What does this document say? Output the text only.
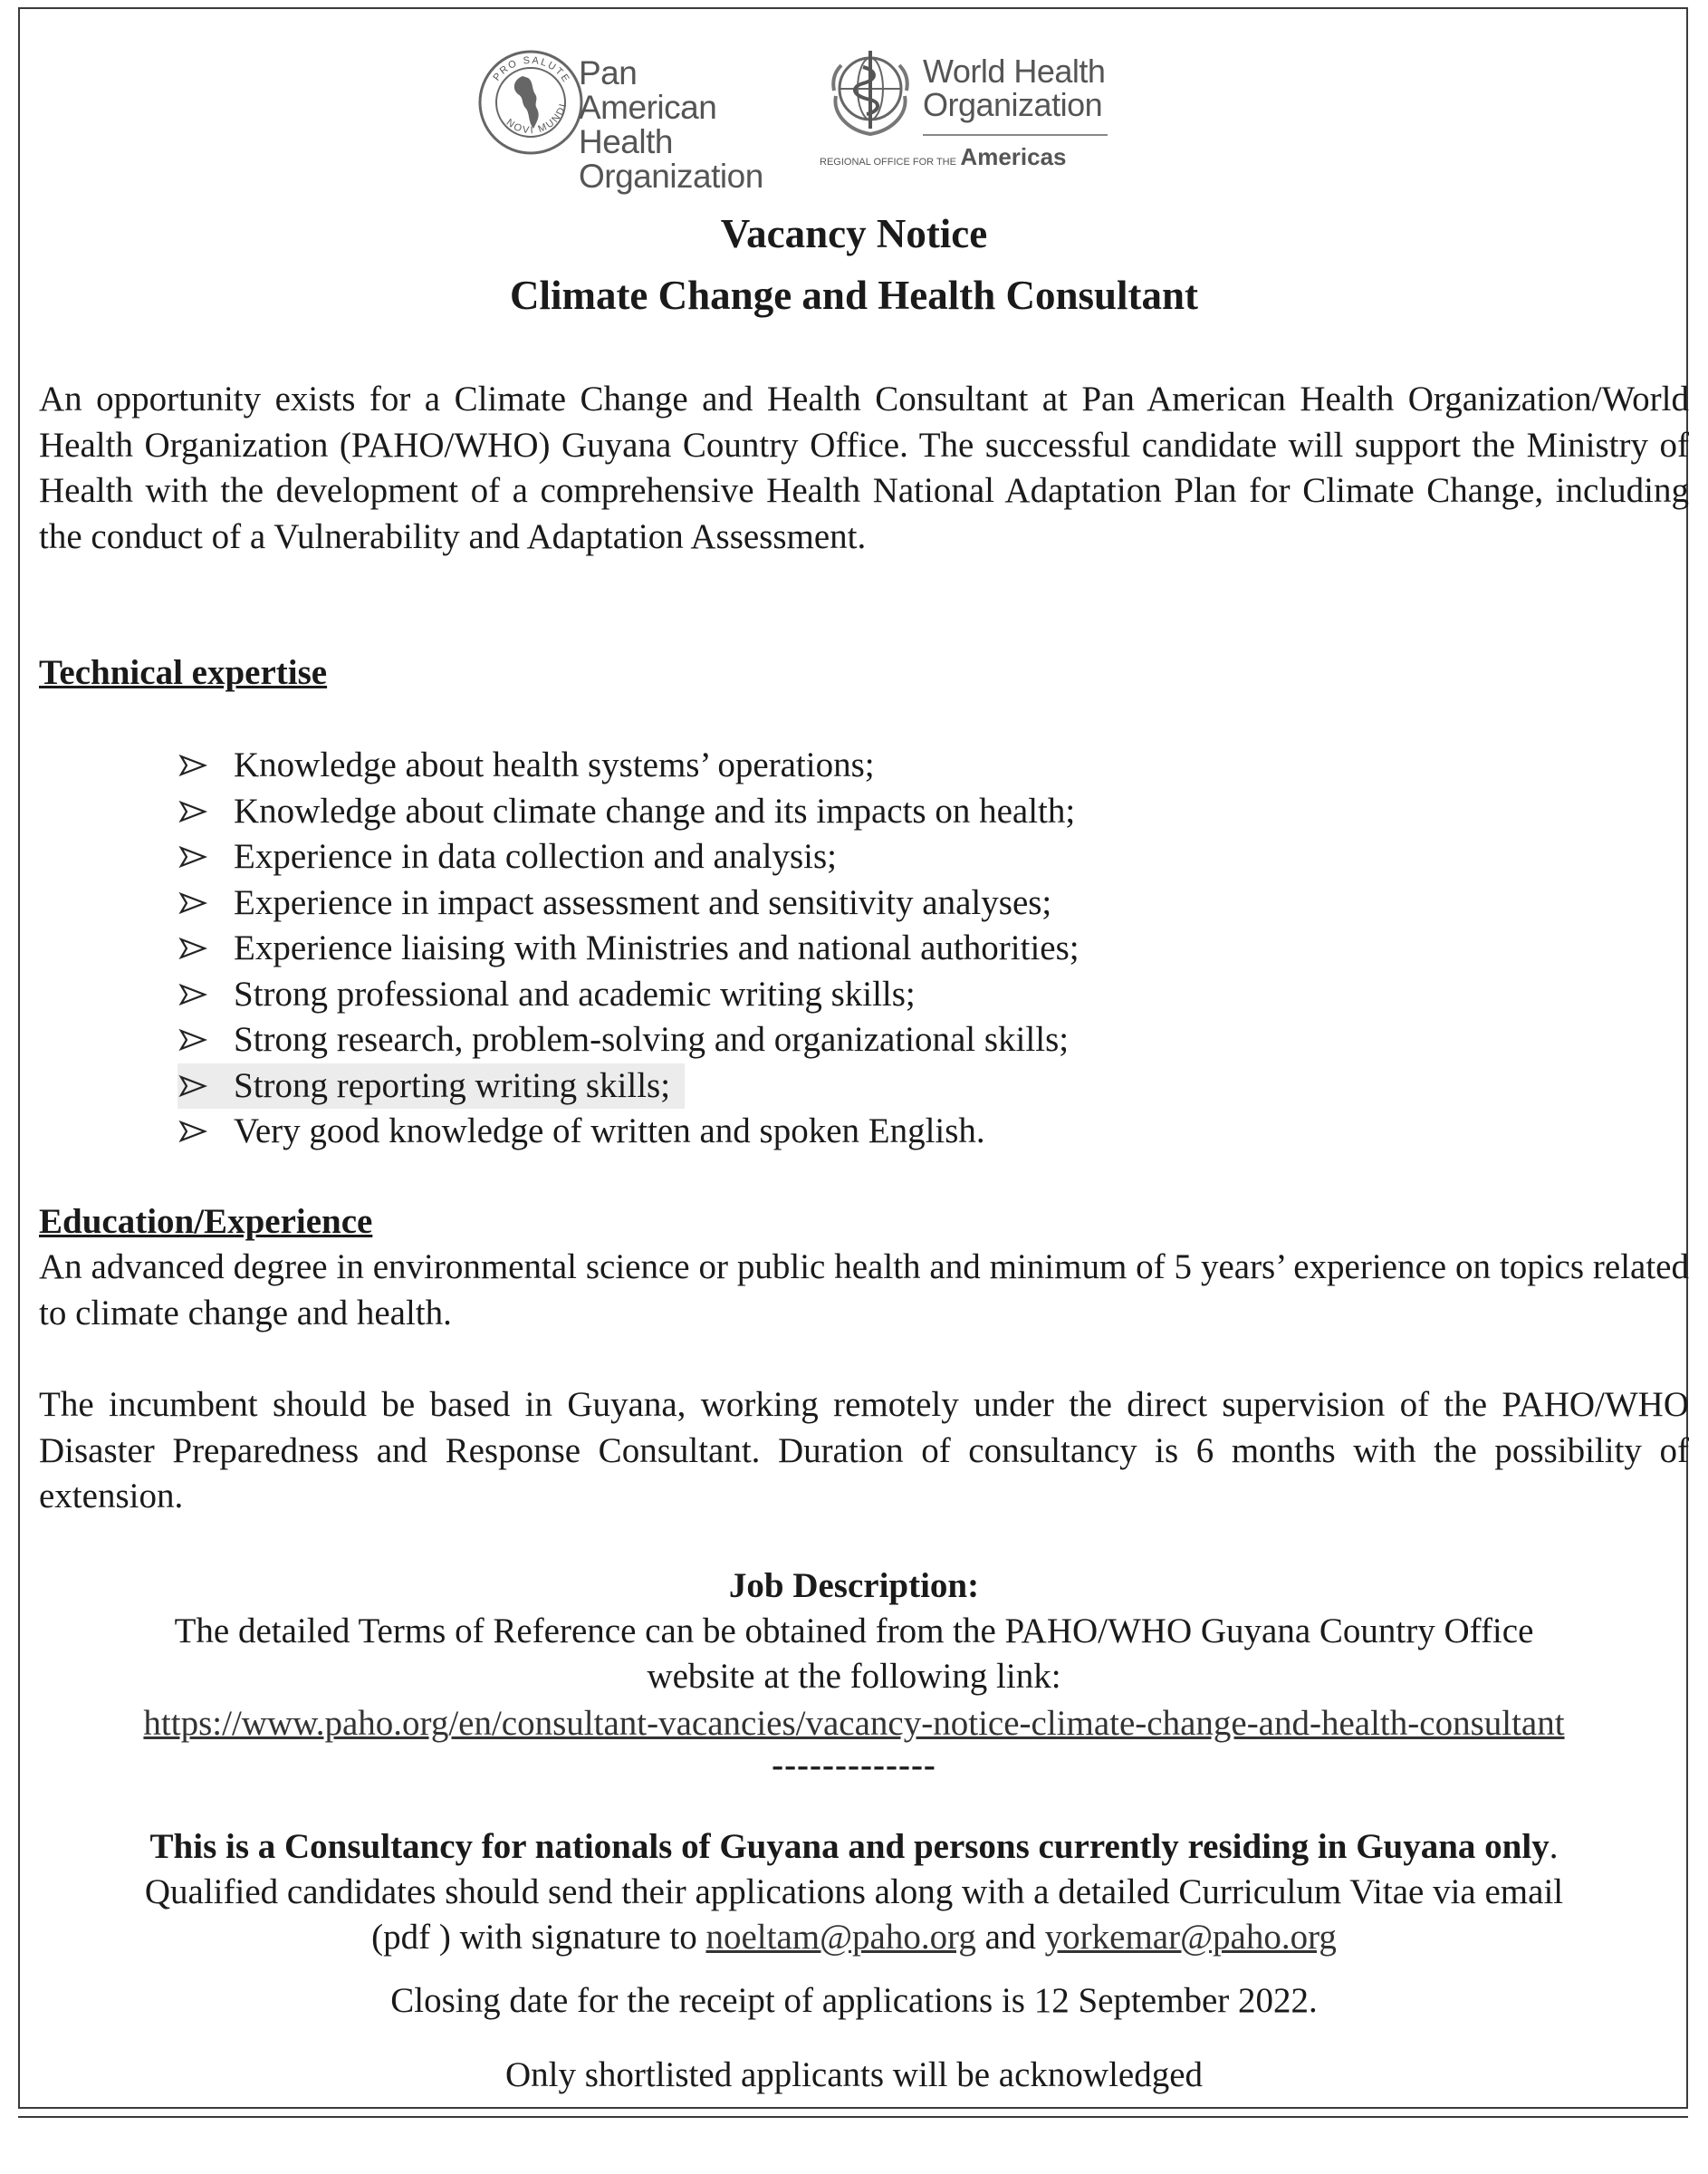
PRO SALUTE
NOVI MUNDI
Pan American
Health
Organization
World Health
Organization
REGIONAL OFFICE FOR THE Americas
Vacancy Notice
Climate Change and Health Consultant

An opportunity exists for a Climate Change and Health Consultant at Pan American Health Organization/World Health Organization (PAHO/WHO) Guyana Country Office. The successful candidate will support the Ministry of Health with the development of a comprehensive Health National Adaptation Plan for Climate Change, including the conduct of a Vulnerability and Adaptation Assessment.

Technical expertise

Knowledge about health systems’ operations;
Knowledge about climate change and its impacts on health;
Experience in data collection and analysis;
Experience in impact assessment and sensitivity analyses;
Experience liaising with Ministries and national authorities;
Strong professional and academic writing skills;
Strong research, problem-solving and organizational skills;
Strong reporting writing skills;
Very good knowledge of written and spoken English.

Education/Experience

An advanced degree in environmental science or public health and minimum of 5 years’ experience on topics related to climate change and health.

The incumbent should be based in Guyana, working remotely under the direct supervision of the PAHO/WHO Disaster Preparedness and Response Consultant. Duration of consultancy is 6 months with the possibility of extension.

Job Description:

The detailed Terms of Reference can be obtained from the PAHO/WHO Guyana Country Office

website at the following link:

https://www.paho.org/en/consultant-vacancies/vacancy-notice-climate-change-and-health-consultant

-------------

This is a Consultancy for nationals of Guyana and persons currently residing in Guyana only.

Qualified candidates should send their applications along with a detailed Curriculum Vitae via email

(pdf ) with signature to noeltam@paho.org and yorkemar@paho.org

Closing date for the receipt of applications is 12 September 2022.

Only shortlisted applicants will be acknowledged
